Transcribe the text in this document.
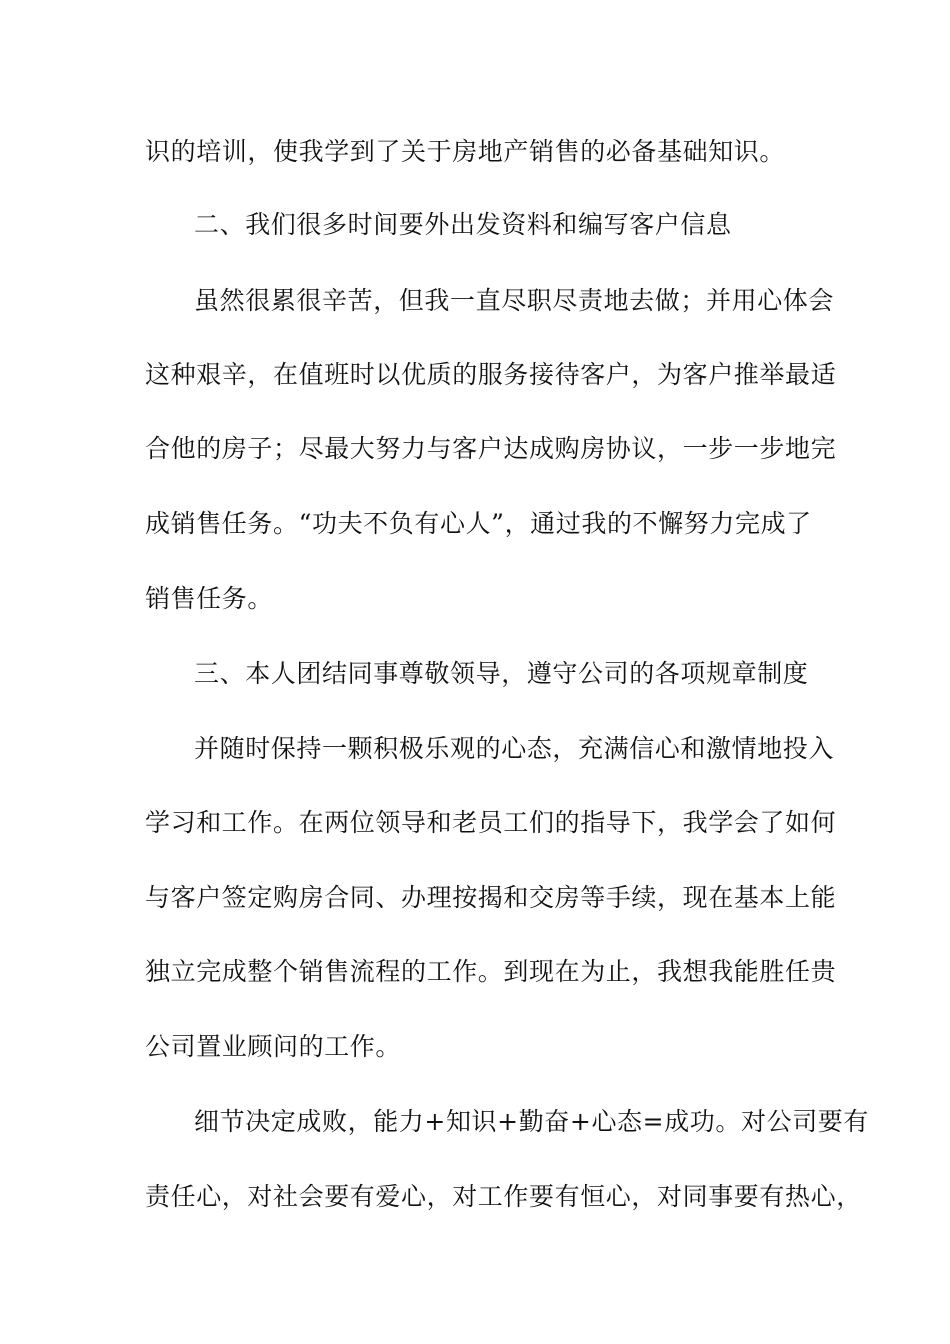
识的培训，使我学到了关于房地产销售的必备基础知识。

二、我们很多时间要外出发资料和编写客户信息

虽然很累很辛苦，但我一直尽职尽责地去做；并用心体会

这种艰辛，在值班时以优质的服务接待客户，为客户推举最适

合他的房子；尽最大努力与客户达成购房协议，一步一步地完

成销售任务。“功夫不负有心人”，通过我的不懈努力完成了

销售任务。

三、本人团结同事尊敬领导，遵守公司的各项规章制度

并随时保持一颗积极乐观的心态，充满信心和激情地投入

学习和工作。在两位领导和老员工们的指导下，我学会了如何

与客户签定购房合同、办理按揭和交房等手续，现在基本上能

独立完成整个销售流程的工作。到现在为止，我想我能胜任贵

公司置业顾问的工作。

细节决定成败，能力+知识+勤奋+心态=成功。对公司要有

责任心，对社会要有爱心，对工作要有恒心，对同事要有热心，
